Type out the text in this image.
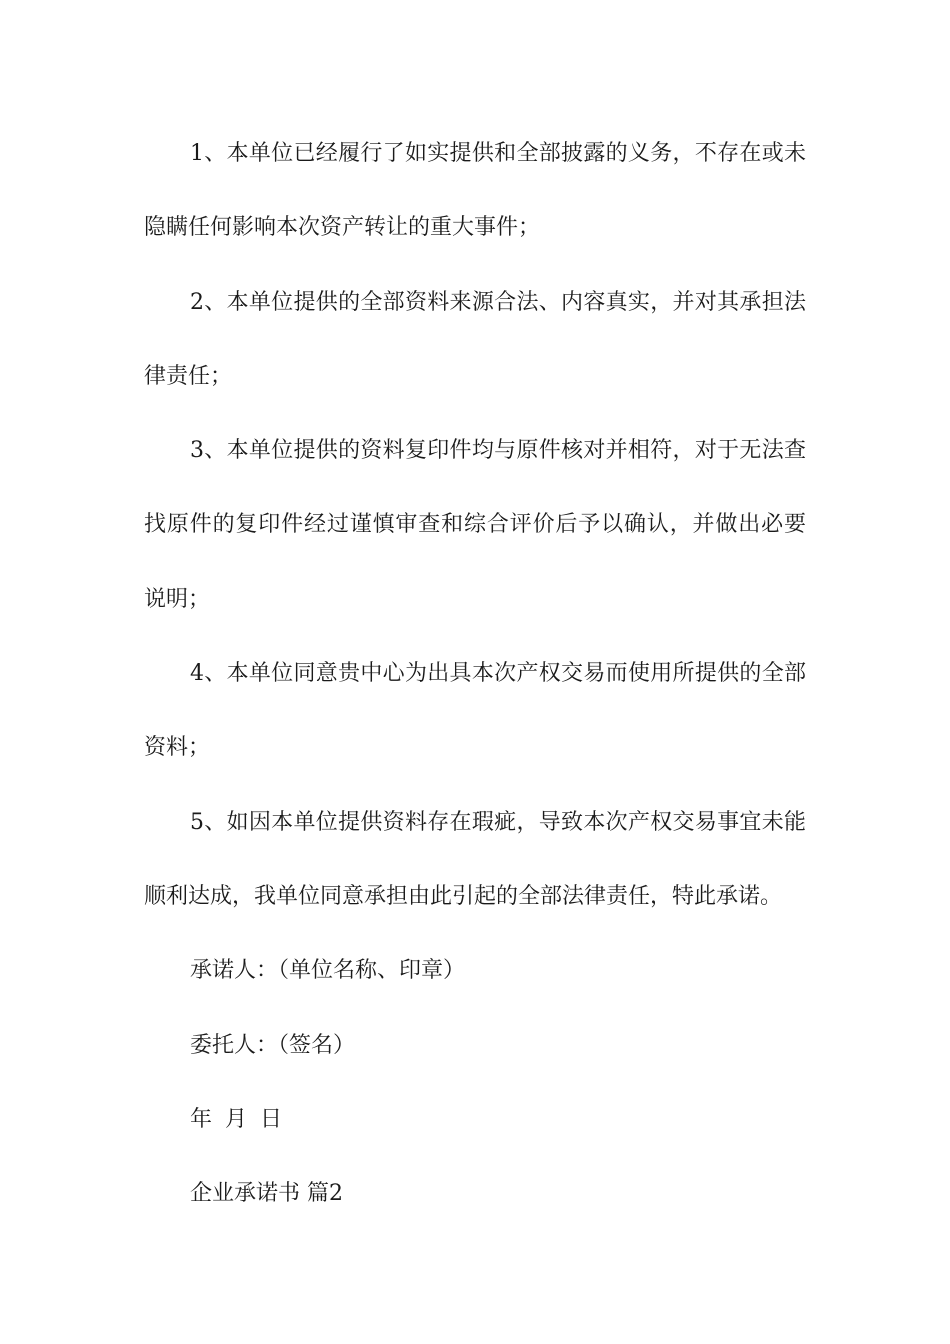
1、本单位已经履行了如实提供和全部披露的义务，不存在或未
隐瞒任何影响本次资产转让的重大事件；
2、本单位提供的全部资料来源合法、内容真实，并对其承担法
律责任；
3、本单位提供的资料复印件均与原件核对并相符，对于无法查
找原件的复印件经过谨慎审查和综合评价后予以确认，并做出必要
说明；
4、本单位同意贵中心为出具本次产权交易而使用所提供的全部
资料；
5、如因本单位提供资料存在瑕疵，导致本次产权交易事宜未能
顺利达成，我单位同意承担由此引起的全部法律责任，特此承诺。
承诺人：（单位名称、印章）
委托人：（签名）
年 月 日
企业承诺书 篇2
